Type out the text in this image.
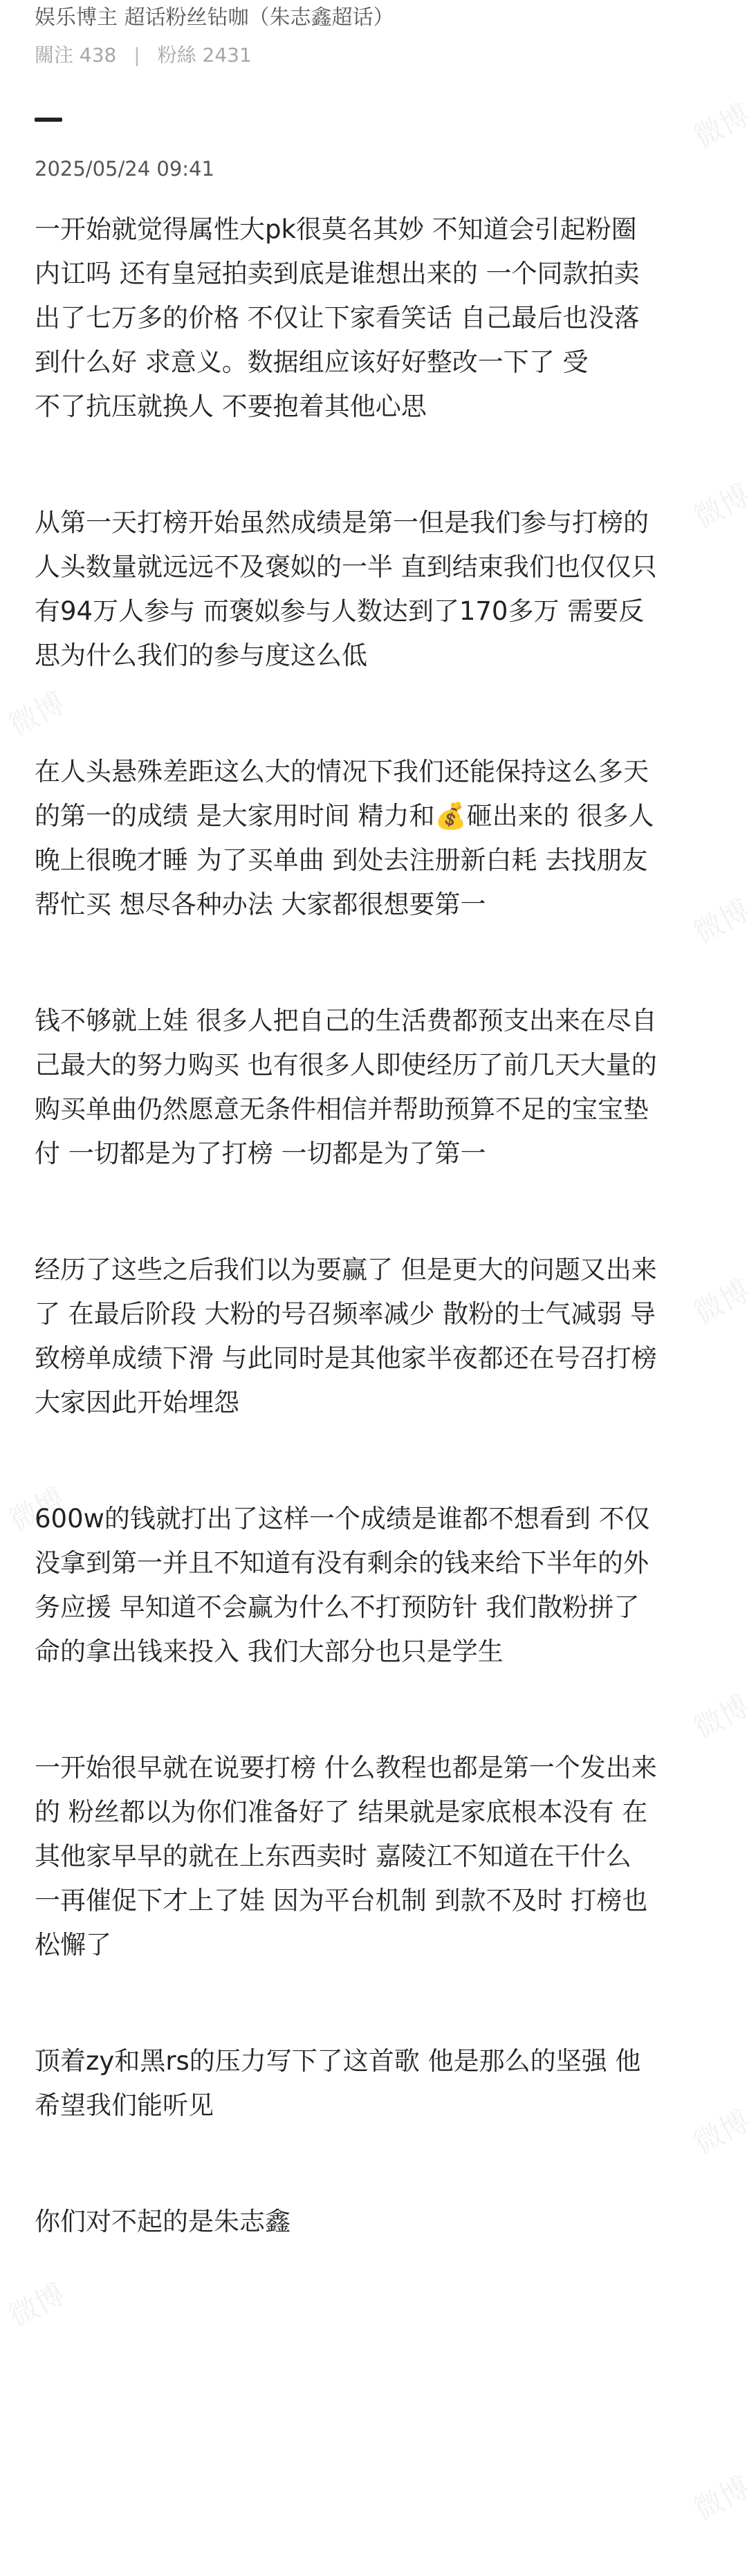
娱乐博主 超话粉丝钻咖（朱志鑫超话）
關注 438 | 粉絲 2431
2025/05/24 09:41

一开始就觉得属性大pk很莫名其妙 不知道会引起粉圈
内讧吗 还有皇冠拍卖到底是谁想出来的 一个同款拍卖
出了七万多的价格 不仅让下家看笑话 自己最后也没落
到什么好 求意义。数据组应该好好整改一下了 受
不了抗压就换人 不要抱着其他心思

从第一天打榜开始虽然成绩是第一但是我们参与打榜的
人头数量就远远不及褒姒的一半 直到结束我们也仅仅只
有94万人参与 而褒姒参与人数达到了170多万 需要反
思为什么我们的参与度这么低

在人头悬殊差距这么大的情况下我们还能保持这么多天
的第一的成绩 是大家用时间 精力和💰砸出来的 很多人
晚上很晚才睡 为了买单曲 到处去注册新白耗 去找朋友
帮忙买 想尽各种办法 大家都很想要第一

钱不够就上娃 很多人把自己的生活费都预支出来在尽自
己最大的努力购买 也有很多人即使经历了前几天大量的
购买单曲仍然愿意无条件相信并帮助预算不足的宝宝垫
付 一切都是为了打榜 一切都是为了第一

经历了这些之后我们以为要赢了 但是更大的问题又出来
了 在最后阶段 大粉的号召频率减少 散粉的士气减弱 导
致榜单成绩下滑 与此同时是其他家半夜都还在号召打榜
大家因此开始埋怨

600w的钱就打出了这样一个成绩是谁都不想看到 不仅
没拿到第一并且不知道有没有剩余的钱来给下半年的外
务应援 早知道不会赢为什么不打预防针 我们散粉拼了
命的拿出钱来投入 我们大部分也只是学生

一开始很早就在说要打榜 什么教程也都是第一个发出来
的 粉丝都以为你们准备好了 结果就是家底根本没有 在
其他家早早的就在上东西卖时 嘉陵江不知道在干什么
一再催促下才上了娃 因为平台机制 到款不及时 打榜也
松懈了

顶着zy和黑rs的压力写下了这首歌 他是那么的坚强 他
希望我们能听见

你们对不起的是朱志鑫

微博
微博
微博
微博
微博
微博
微博
微博
微博
微博
